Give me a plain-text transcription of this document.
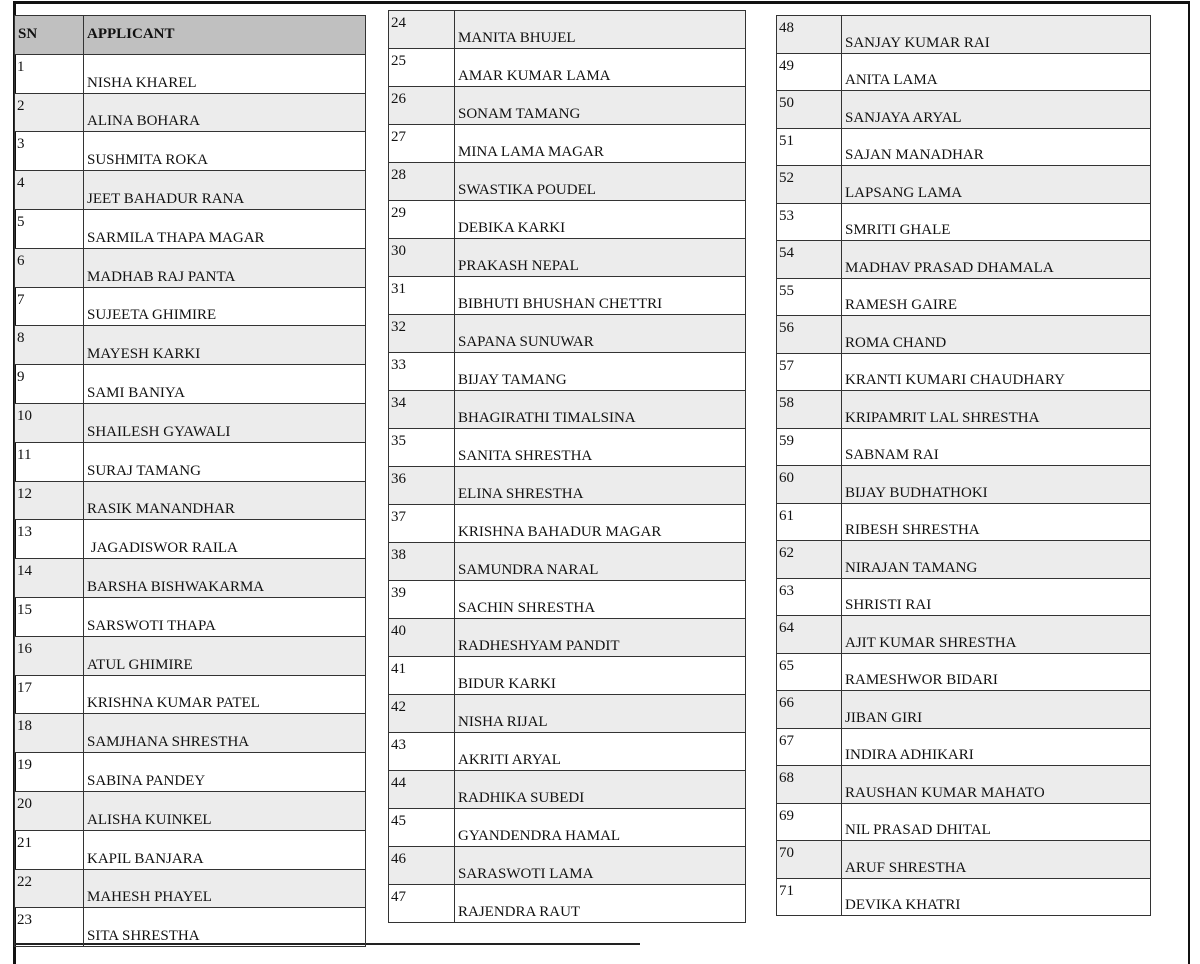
SN	APPLICANT
1	NISHA KHAREL
2	ALINA BOHARA
3	SUSHMITA ROKA
4	JEET BAHADUR RANA
5	SARMILA THAPA MAGAR
6	MADHAB RAJ PANTA
7	SUJEETA GHIMIRE
8	MAYESH KARKI
9	SAMI BANIYA
10	SHAILESH GYAWALI
11	SURAJ TAMANG
12	RASIK MANANDHAR
13	JAGADISWOR RAILA
14	BARSHA BISHWAKARMA
15	SARSWOTI THAPA
16	ATUL GHIMIRE
17	KRISHNA KUMAR PATEL
18	SAMJHANA SHRESTHA
19	SABINA PANDEY
20	ALISHA KUINKEL
21	KAPIL BANJARA
22	MAHESH PHAYEL
23	SITA SHRESTHA
24	MANITA BHUJEL
25	AMAR KUMAR LAMA
26	SONAM TAMANG
27	MINA LAMA MAGAR
28	SWASTIKA POUDEL
29	DEBIKA KARKI
30	PRAKASH NEPAL
31	BIBHUTI BHUSHAN CHETTRI
32	SAPANA SUNUWAR
33	BIJAY TAMANG
34	BHAGIRATHI TIMALSINA
35	SANITA SHRESTHA
36	ELINA SHRESTHA
37	KRISHNA BAHADUR MAGAR
38	SAMUNDRA NARAL
39	SACHIN SHRESTHA
40	RADHESHYAM PANDIT
41	BIDUR KARKI
42	NISHA RIJAL
43	AKRITI ARYAL
44	RADHIKA SUBEDI
45	GYANDENDRA HAMAL
46	SARASWOTI LAMA
47	RAJENDRA RAUT
48	SANJAY KUMAR RAI
49	ANITA LAMA
50	SANJAYA ARYAL
51	SAJAN MANADHAR
52	LAPSANG LAMA
53	SMRITI GHALE
54	MADHAV PRASAD DHAMALA
55	RAMESH GAIRE
56	ROMA CHAND
57	KRANTI KUMARI CHAUDHARY
58	KRIPAMRIT LAL SHRESTHA
59	SABNAM RAI
60	BIJAY BUDHATHOKI
61	RIBESH SHRESTHA
62	NIRAJAN TAMANG
63	SHRISTI RAI
64	AJIT KUMAR SHRESTHA
65	RAMESHWOR BIDARI
66	JIBAN GIRI
67	INDIRA ADHIKARI
68	RAUSHAN KUMAR MAHATO
69	NIL PRASAD DHITAL
70	ARUF SHRESTHA
71	DEVIKA KHATRI
